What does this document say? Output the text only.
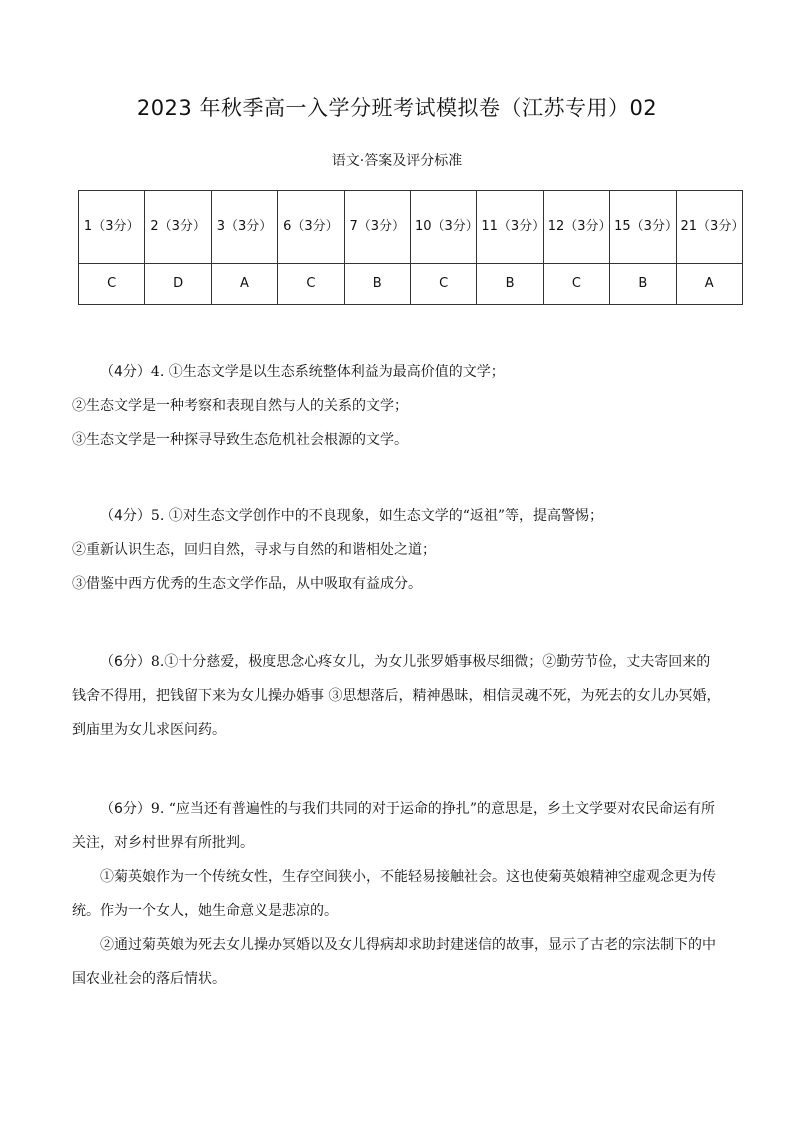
2023 年秋季高一入学分班考试模拟卷（江苏专用）02
语文·答案及评分标准
1（3分）	2（3分）	3（3分）	6（3分）	7（3分）	10（3分）	11（3分）	12（3分）	15（3分）	21（3分）
C	D	A	C	B	C	B	C	B	A

（4分）4. ①生态文学是以生态系统整体利益为最高价值的文学；

②生态文学是一种考察和表现自然与人的关系的文学；

③生态文学是一种探寻导致生态危机社会根源的文学。

（4分）5. ①对生态文学创作中的不良现象，如生态文学的“返祖”等，提高警惕；

②重新认识生态，回归自然，寻求与自然的和谐相处之道；

③借鉴中西方优秀的生态文学作品，从中吸取有益成分。

（6分）8.①十分慈爱，极度思念心疼女儿，为女儿张罗婚事极尽细微；②勤劳节俭，丈夫寄回来的钱舍不得用，把钱留下来为女儿操办婚事 ③思想落后，精神愚昧，相信灵魂不死，为死去的女儿办冥婚，到庙里为女儿求医问药。

（6分）9. “应当还有普遍性的与我们共同的对于运命的挣扎”的意思是，乡土文学要对农民命运有所关注，对乡村世界有所批判。

①菊英娘作为一个传统女性，生存空间狭小，不能轻易接触社会。这也使菊英娘精神空虚观念更为传统。作为一个女人，她生命意义是悲凉的。

②通过菊英娘为死去女儿操办冥婚以及女儿得病却求助封建迷信的故事，显示了古老的宗法制下的中国农业社会的落后情状。
